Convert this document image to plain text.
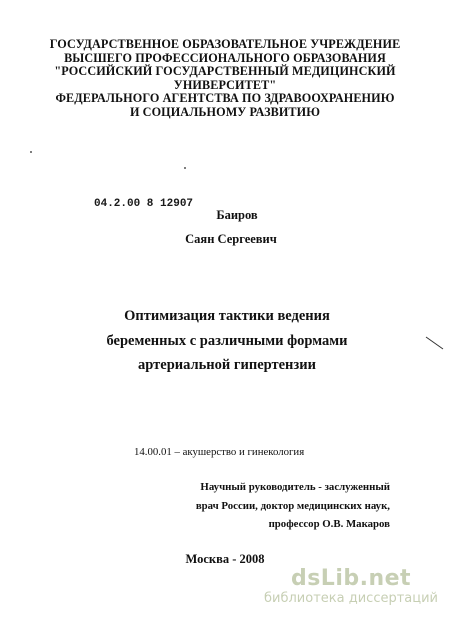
ГОСУДАРСТВЕННОЕ ОБРАЗОВАТЕЛЬНОЕ УЧРЕЖДЕНИЕ
ВЫСШЕГО ПРОФЕССИОНАЛЬНОГО ОБРАЗОВАНИЯ
"РОССИЙСКИЙ ГОСУДАРСТВЕННЫЙ МЕДИЦИНСКИЙ
УНИВЕРСИТЕТ"
ФЕДЕРАЛЬНОГО АГЕНТСТВА ПО ЗДРАВООХРАНЕНИЮ
И СОЦИАЛЬНОМУ РАЗВИТИЮ
04.2.00 8 12907
Баиров
Саян Сергеевич
Оптимизация тактики ведения
беременных с различными формами
артериальной гипертензии
14.00.01 – акушерство и гинекология
Научный руководитель - заслуженный
врач России, доктор медицинских наук,
профессор О.В. Макаров
Москва - 2008
dsLib.net
библиотека диссертаций
